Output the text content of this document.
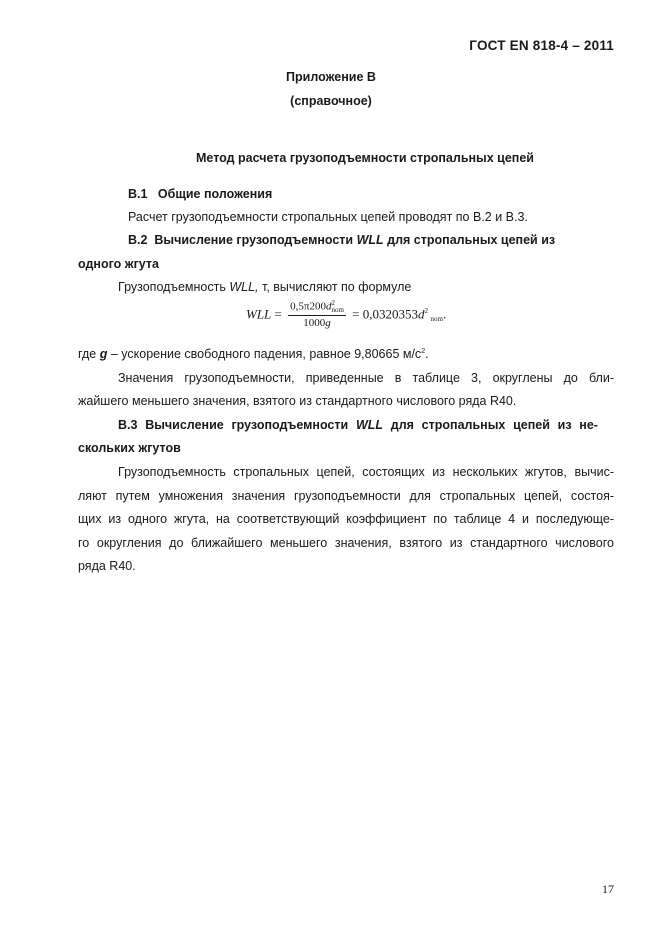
ГОСТ EN 818-4 – 2011
Приложение В
(справочное)
Метод расчета грузоподъемности стропальных цепей
В.1 Общие положения
Расчет грузоподъемности стропальных цепей проводят по В.2 и В.3.
В.2 Вычисление грузоподъемности WLL для стропальных цепей из
одного жгута
Грузоподъемность WLL, т, вычисляют по формуле
WLL = 0,5π200d 2
nom
1000g = 0,0320353d 2
nom .
где g – ускорение свободного падения, равное 9,80665 $м/с^2$.
Значения грузоподъемности, приведенные в таблице 3, округлены до бли-
жайшего меньшего значения, взятого из стандартного числового ряда R40.
В.3 Вычисление грузоподъемности WLL для стропальных цепей из не-
скольких жгутов
Грузоподъемность стропальных цепей, состоящих из нескольких жгутов, вычис-
ляют путем умножения значения грузоподъемности для стропальных цепей, состоя-
щих из одного жгута, на соответствующий коэффициент по таблице 4 и последующе-
го округления до ближайшего меньшего значения, взятого из стандартного числового
ряда R40.
17
